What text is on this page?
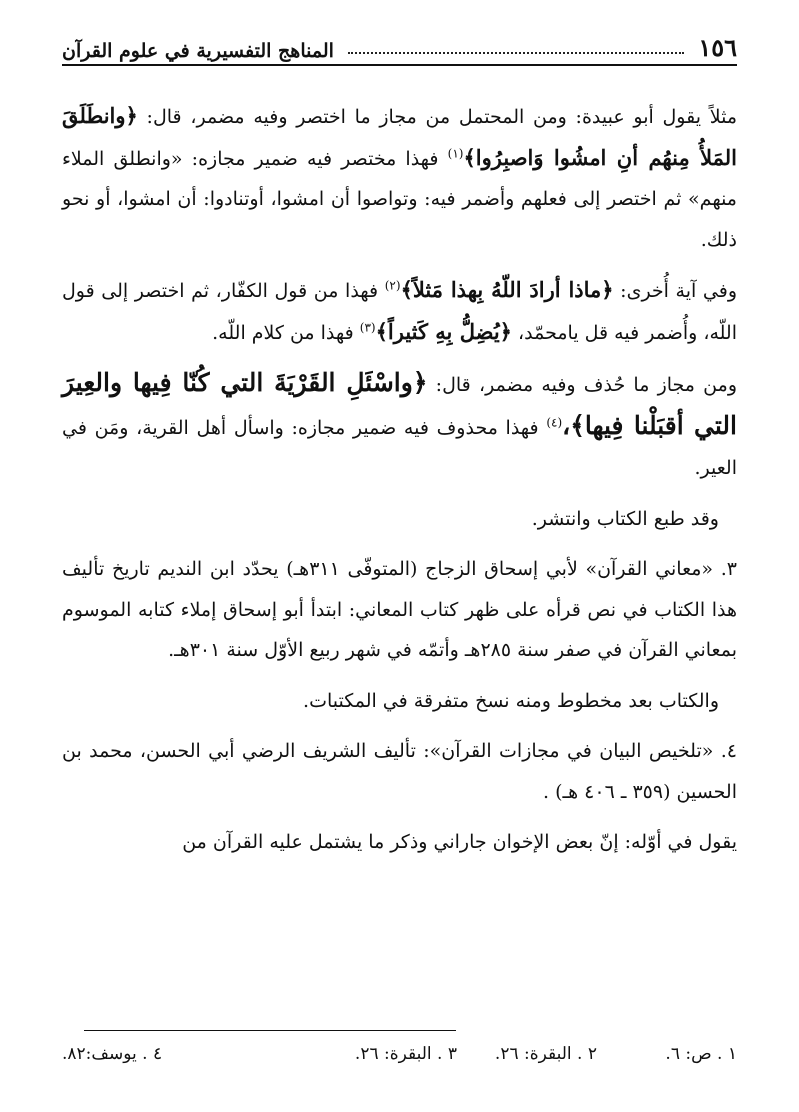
١٥٦
المناهج التفسيرية في علوم القرآن

مثلاً يقول أبو عبيدة: ومن المحتمل من مجاز ما اختصر وفيه مضمر، قال: ﴿وانطَلَقَ المَلأُ مِنهُم أنِ امشُوا وَاصبِرُوا﴾$^{(١)}$ فهذا مختصر فيه ضمير مجازه: «وانطلق الملاء منهم» ثم اختصر إلى فعلهم وأضمر فيه: وتواصوا أن امشوا، أوتنادوا: أن امشوا، أو نحو ذلك.

وفي آية أُخرى: ﴿ماذا أرادَ اللّهُ بِهذا مَثلاً﴾$^{(٢)}$ فهذا من قول الكفّار، ثم اختصر إلى قول اللّه، وأُضمر فيه قل يامحمّد، ﴿يُضِلُّ بِهِ كَثيراً﴾$^{(٣)}$ فهذا من كلام اللّه.

ومن مجاز ما حُذف وفيه مضمر، قال: ﴿واسْئَلِ القَرْيَةَ التي كُنّا فِيها والعِيرَ التي أقبَلْنا فِيها﴾،$^{(٤)}$ فهذا محذوف فيه ضمير مجازه: واسأل أهل القرية، ومَن في العير.

وقد طبع الكتاب وانتشر.

٣. «معاني القرآن» لأبي إسحاق الزجاج (المتوفّى ٣١١هـ) يحدّد ابن النديم تاريخ تأليف هذا الكتاب في نص قرأه على ظهر كتاب المعاني: ابتدأ أبو إسحاق إملاء كتابه الموسوم بمعاني القرآن في صفر سنة ٢٨٥هـ وأتمّه في شهر ربيع الأوّل سنة ٣٠١هـ.

والكتاب بعد مخطوط ومنه نسخ متفرقة في المكتبات.

٤. «تلخيص البيان في مجازات القرآن»: تأليف الشريف الرضي أبي الحسن، محمد بن الحسين (٣٥٩ ـ ٤٠٦ هـ) .

يقول في أوّله: إنّ بعض الإخوان جاراني وذكر ما يشتمل عليه القرآن من

١ . ص: ٦.
٢ . البقرة: ٢٦.
٣ . البقرة: ٢٦.
٤ . يوسف:٨٢.
